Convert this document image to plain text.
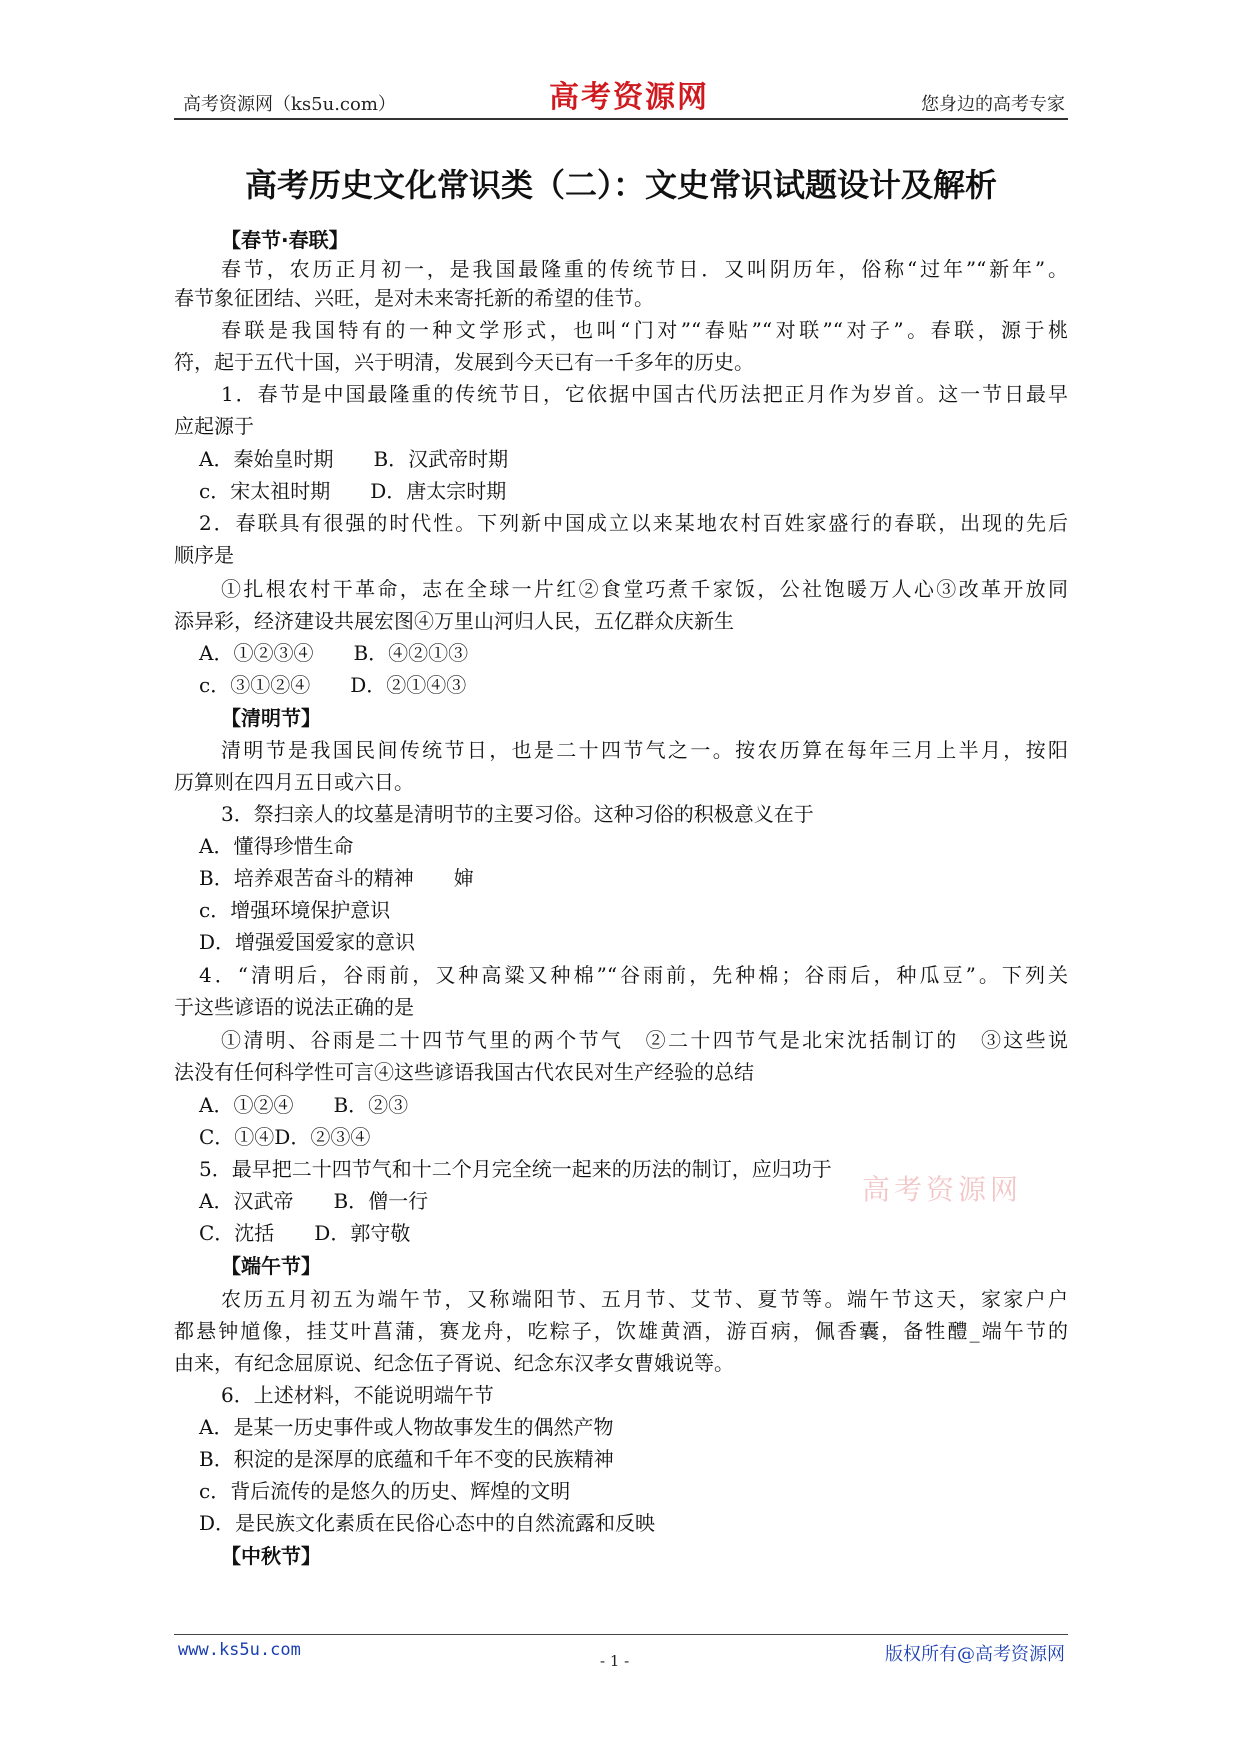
高考资源网（ks5u.com）	高考资源网	您身边的高考专家
高考历史文化常识类（二）：文史常识试题设计及解析
【春节·春联】
春节，农历正月初一，是我国最隆重的传统节日．又叫阴历年，俗称“过年”“新年”。
春节象征团结、兴旺，是对未来寄托新的希望的佳节。
春联是我国特有的一种文学形式，也叫“门对”“春贴”“对联”“对子”。春联，源于桃
符，起于五代十国，兴于明清，发展到今天已有一千多年的历史。
1．春节是中国最隆重的传统节日，它依据中国古代历法把正月作为岁首。这一节日最早
应起源于
A．秦始皇时期　　B．汉武帝时期
c．宋太祖时期　　D．唐太宗时期
2．春联具有很强的时代性。下列新中国成立以来某地农村百姓家盛行的春联，出现的先后
顺序是
①扎根农村干革命，志在全球一片红②食堂巧煮千家饭，公社饱暖万人心③改革开放同
添异彩，经济建设共展宏图④万里山河归人民，五亿群众庆新生
A．①②③④　　B．④②①③
c．③①②④　　D．②①④③
【清明节】
清明节是我国民间传统节日，也是二十四节气之一。按农历算在每年三月上半月，按阳
历算则在四月五日或六日。
3．祭扫亲人的坟墓是清明节的主要习俗。这种习俗的积极意义在于
A．懂得珍惜生命
B．培养艰苦奋斗的精神　　婶
c．增强环境保护意识
D．增强爱国爱家的意识
4．“清明后，谷雨前，又种高粱又种棉”“谷雨前，先种棉；谷雨后，种瓜豆”。下列关
于这些谚语的说法正确的是
①清明、谷雨是二十四节气里的两个节气　②二十四节气是北宋沈括制订的　③这些说
法没有任何科学性可言④这些谚语我国古代农民对生产经验的总结
A．①②④　　B．②③
C．①④D．②③④
5．最早把二十四节气和十二个月完全统一起来的历法的制订，应归功于
A．汉武帝　　B．僧一行
C．沈括　　D．郭守敬
【端午节】
农历五月初五为端午节，又称端阳节、五月节、艾节、夏节等。端午节这天，家家户户
都悬钟馗像，挂艾叶菖蒲，赛龙舟，吃粽子，饮雄黄酒，游百病，佩香囊，备牲醴_端午节的
由来，有纪念屈原说、纪念伍子胥说、纪念东汉孝女曹娥说等。
6．上述材料，不能说明端午节
A．是某一历史事件或人物故事发生的偶然产物
B．积淀的是深厚的底蕴和千年不变的民族精神
c．背后流传的是悠久的历史、辉煌的文明
D．是民族文化素质在民俗心态中的自然流露和反映
【中秋节】
高考资源网
www.ks5u.com
- 1 -	版权所有@高考资源网
